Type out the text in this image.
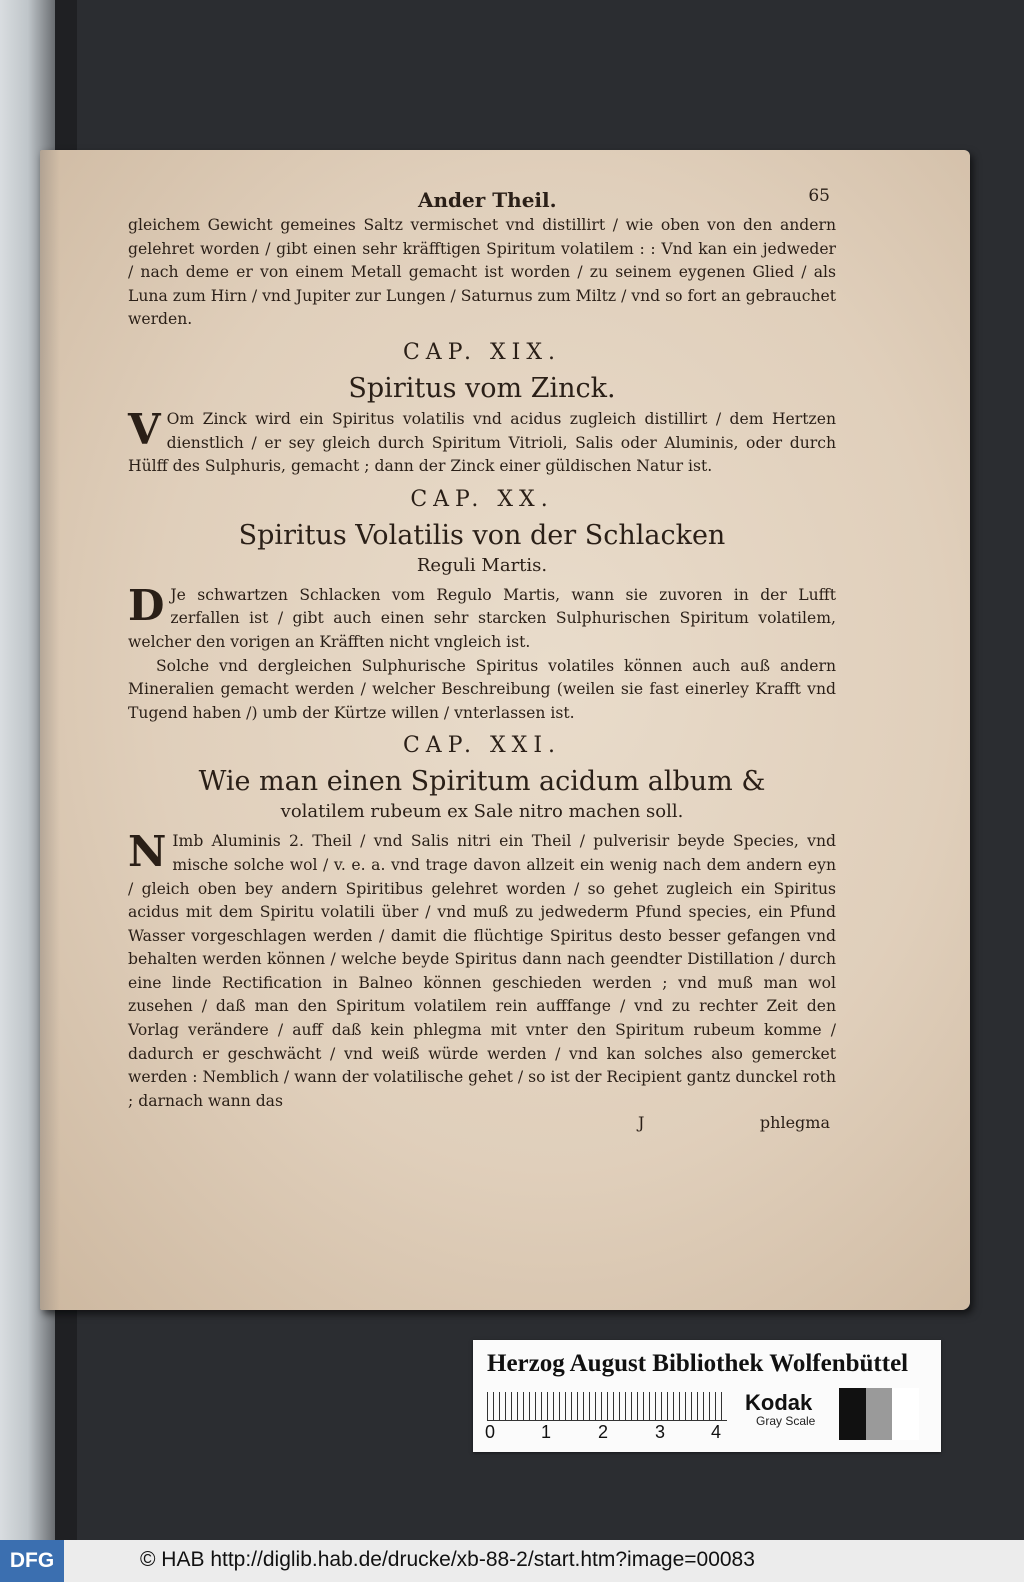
Ander Theil.	65

gleichem Gewicht gemeines Saltz vermischet vnd distillirt / wie oben von den andern gelehret worden / gibt einen sehr kräfftigen Spiritum volatilem : : Vnd kan ein jedweder / nach deme er von einem Metall gemacht ist worden / zu seinem eygenen Glied / als Luna zum Hirn / vnd Jupiter zur Lungen / Saturnus zum Miltz / vnd so fort an gebrauchet werden.

CAP. XIX.
Spiritus vom Zinck.

V Om Zinck wird ein Spiritus volatilis vnd acidus zugleich distillirt / dem Hertzen dienstlich / er sey gleich durch Spiritum Vitrioli, Salis oder Aluminis, oder durch Hülff des Sulphuris, gemacht ; dann der Zinck einer güldischen Natur ist.

CAP. XX.
Spiritus Volatilis von der Schlacken
Reguli Martis.

D Je schwartzen Schlacken vom Regulo Martis, wann sie zuvoren in der Lufft zerfallen ist / gibt auch einen sehr starcken Sulphurischen Spiritum volatilem, welcher den vorigen an Kräfften nicht vngleich ist.

Solche vnd dergleichen Sulphurische Spiritus volatiles können auch auß andern Mineralien gemacht werden / welcher Beschreibung (weilen sie fast einerley Krafft vnd Tugend haben /) umb der Kürtze willen / vnterlassen ist.

CAP. XXI.
Wie man einen Spiritum acidum album &
volatilem rubeum ex Sale nitro machen soll.

N Imb Aluminis 2. Theil / vnd Salis nitri ein Theil / pulverisir beyde Species, vnd mische solche wol / v. e. a. vnd trage davon allzeit ein wenig nach dem andern eyn / gleich oben bey andern Spiritibus gelehret worden / so gehet zugleich ein Spiritus acidus mit dem Spiritu volatili über / vnd muß zu jedwederm Pfund species, ein Pfund Wasser vorgeschlagen werden / damit die flüchtige Spiritus desto besser gefangen vnd behalten werden können / welche beyde Spiritus dann nach geendter Distillation / durch eine linde Rectification in Balneo können geschieden werden ; vnd muß man wol zusehen / daß man den Spiritum volatilem rein aufffange / vnd zu rechter Zeit den Vorlag verändere / auff daß kein phlegma mit vnter den Spiritum rubeum komme / dadurch er geschwächt / vnd weiß würde werden / vnd kan solches also gemercket werden : Nemblich / wann der volatilische gehet / so ist der Recipient gantz dunckel roth ; darnach wann das

J	phlegma
Herzog August Bibliothek Wolfenbüttel
0	1	2	3	4
Kodak
Gray Scale
DFG	© HAB http://diglib.hab.de/drucke/xb-88-2/start.htm?image=00083
